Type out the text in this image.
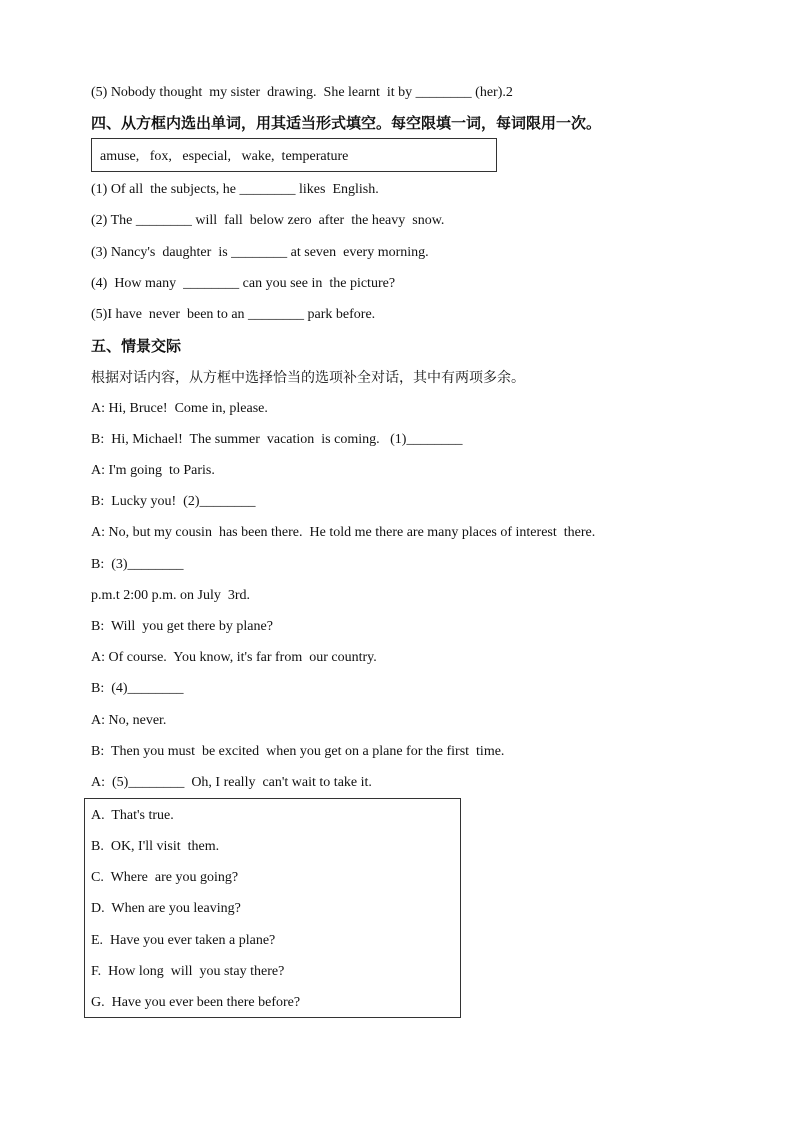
(5) Nobody thought  my sister  drawing.  She learnt  it by ________ (her).2
四、从方框内选出单词，用其适当形式填空。每空限填一词，每词限用一次。
amuse,   fox,   especial,   wake,  temperature
(1) Of all  the subjects, he ________ likes  English.
(2) The ________ will  fall  below zero  after  the heavy  snow.
(3) Nancy's  daughter  is ________ at seven  every morning.
(4)  How many  ________ can you see in  the picture?
(5)I have  never  been to an ________ park before.
五、情景交际
根据对话内容，从方框中选择恰当的选项补全对话，其中有两项多余。
A: Hi, Bruce!  Come in, please.
B:  Hi, Michael!  The summer  vacation  is coming.   (1)________
A: I'm going  to Paris.
B:  Lucky you!  (2)________
A: No, but my cousin  has been there.  He told me there are many places of interest  there.
B:  (3)________
p.m.t 2:00 p.m. on July  3rd.
B:  Will  you get there by plane?
A: Of course.  You know, it's far from  our country.
B:  (4)________
A: No, never.
B:  Then you must  be excited  when you get on a plane for the first  time.
A:  (5)________  Oh, I really  can't wait to take it.
A.  That's true.
B.  OK, I'll visit  them.
C.  Where  are you going?
D.  When are you leaving?
E.  Have you ever taken a plane?
F.  How long  will  you stay there?
G.  Have you ever been there before?
